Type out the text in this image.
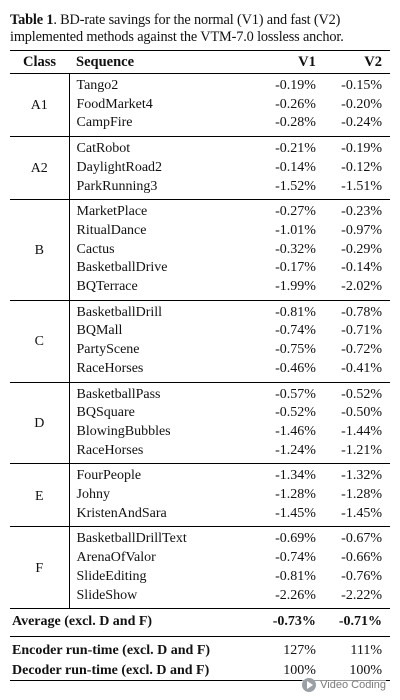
Table 1. BD-rate savings for the normal (V1) and fast (V2) implemented methods against the VTM-7.0 lossless anchor.
Class	Sequence	V1	V2
A1	Tango2	-0.19%	-0.15%
	FoodMarket4	-0.26%	-0.20%
	CampFire	-0.28%	-0.24%
A2	CatRobot	-0.21%	-0.19%
	DaylightRoad2	-0.14%	-0.12%
	ParkRunning3	-1.52%	-1.51%
B	MarketPlace	-0.27%	-0.23%
	RitualDance	-1.01%	-0.97%
	Cactus	-0.32%	-0.29%
	BasketballDrive	-0.17%	-0.14%
	BQTerrace	-1.99%	-2.02%
C	BasketballDrill	-0.81%	-0.78%
	BQMall	-0.74%	-0.71%
	PartyScene	-0.75%	-0.72%
	RaceHorses	-0.46%	-0.41%
D	BasketballPass	-0.57%	-0.52%
	BQSquare	-0.52%	-0.50%
	BlowingBubbles	-1.46%	-1.44%
	RaceHorses	-1.24%	-1.21%
E	FourPeople	-1.34%	-1.32%
	Johny	-1.28%	-1.28%
	KristenAndSara	-1.45%	-1.45%
F	BasketballDrillText	-0.69%	-0.67%
	ArenaOfValor	-0.74%	-0.66%
	SlideEditing	-0.81%	-0.76%
	SlideShow	-2.26%	-2.22%
Average (excl. D and F)		-0.73%	-0.71%
Encoder run-time (excl. D and F)		127%	111%
Decoder run-time (excl. D and F)		100%	100%
Video Coding
